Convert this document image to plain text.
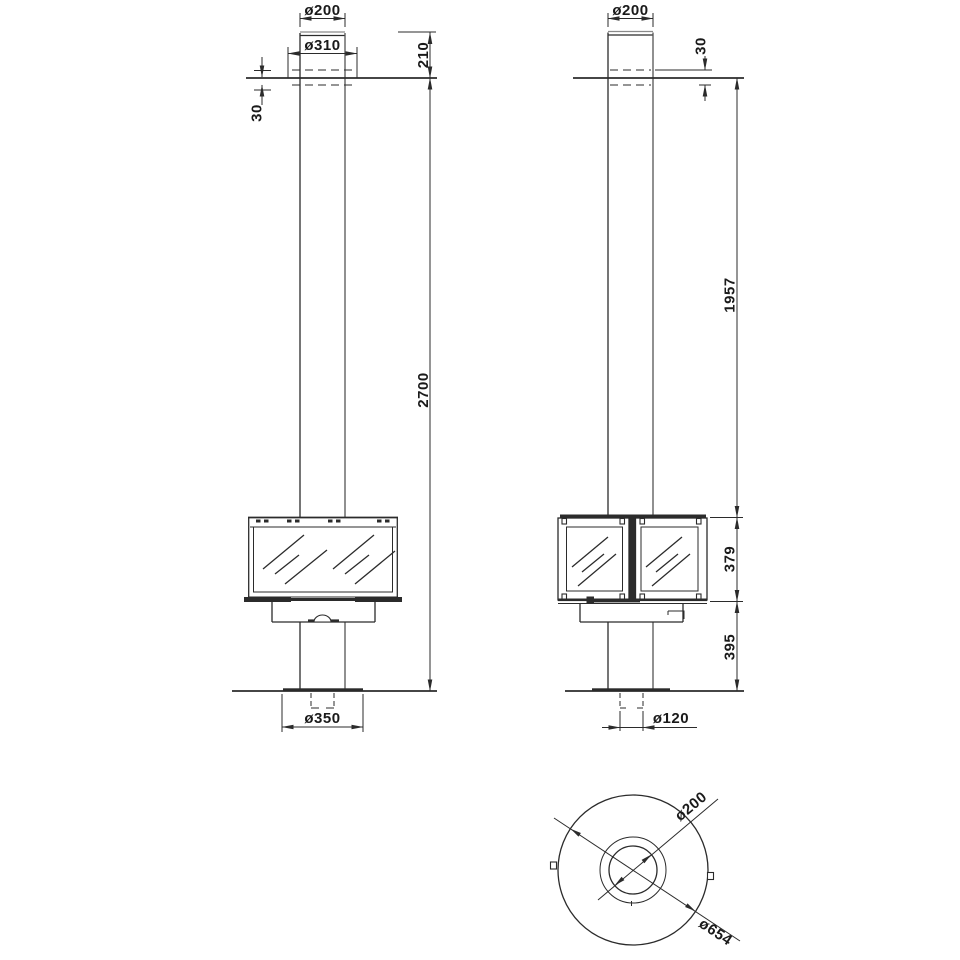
ø200
ø310
30
210
2700
ø350
ø200
30
1957
379
395
ø120
ø200
ø654
